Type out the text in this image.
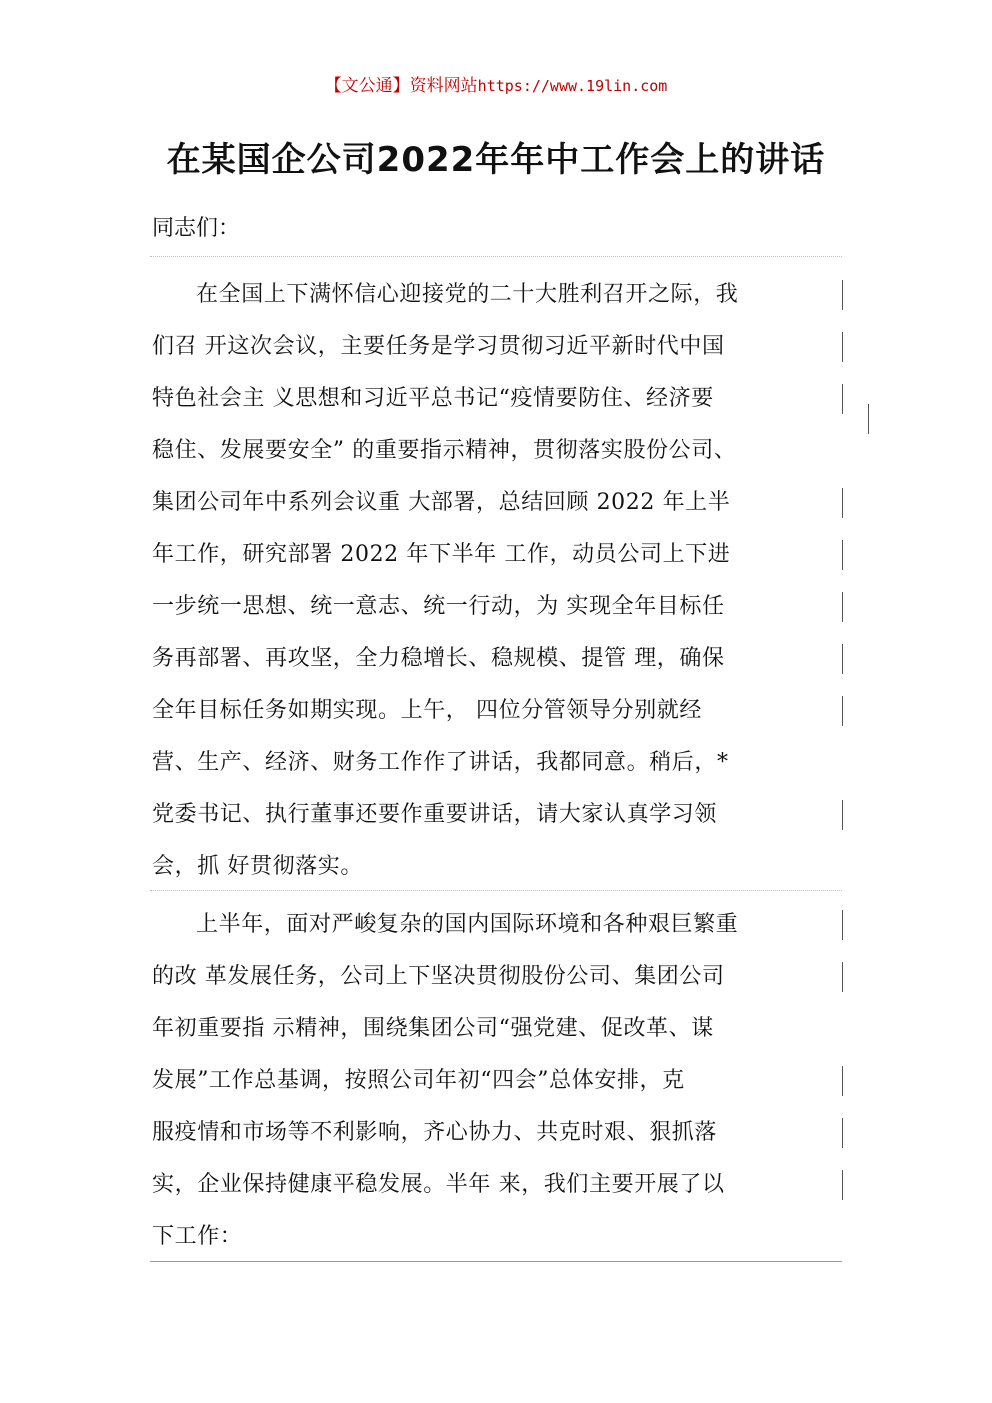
【文公通】资料网站https://www.19lin.com
在某国企公司2022年年中工作会上的讲话
同志们：
在全国上下满怀信心迎接党的二十大胜利召开之际，我
们召 开这次会议，主要任务是学习贯彻习近平新时代中国
特色社会主 义思想和习近平总书记“疫情要防住、经济要
稳住、发展要安全” 的重要指示精神，贯彻落实股份公司、
集团公司年中系列会议重 大部署，总结回顾 2022 年上半
年工作，研究部署 2022 年下半年 工作，动员公司上下进
一步统一思想、统一意志、统一行动，为 实现全年目标任
务再部署、再攻坚，全力稳增长、稳规模、提管 理，确保
全年目标任务如期实现。上午， 四位分管领导分别就经
营、生产、经济、财务工作作了讲话，我都同意。稍后，*
党委书记、执行董事还要作重要讲话，请大家认真学习领
会，抓 好贯彻落实。
上半年，面对严峻复杂的国内国际环境和各种艰巨繁重
的改 革发展任务，公司上下坚决贯彻股份公司、集团公司
年初重要指 示精神，围绕集团公司“强党建、促改革、谋
发展”工作总基调，按照公司年初“四会”总体安排，克
服疫情和市场等不利影响，齐心协力、共克时艰、狠抓落
实，企业保持健康平稳发展。半年 来，我们主要开展了以
下工作：
